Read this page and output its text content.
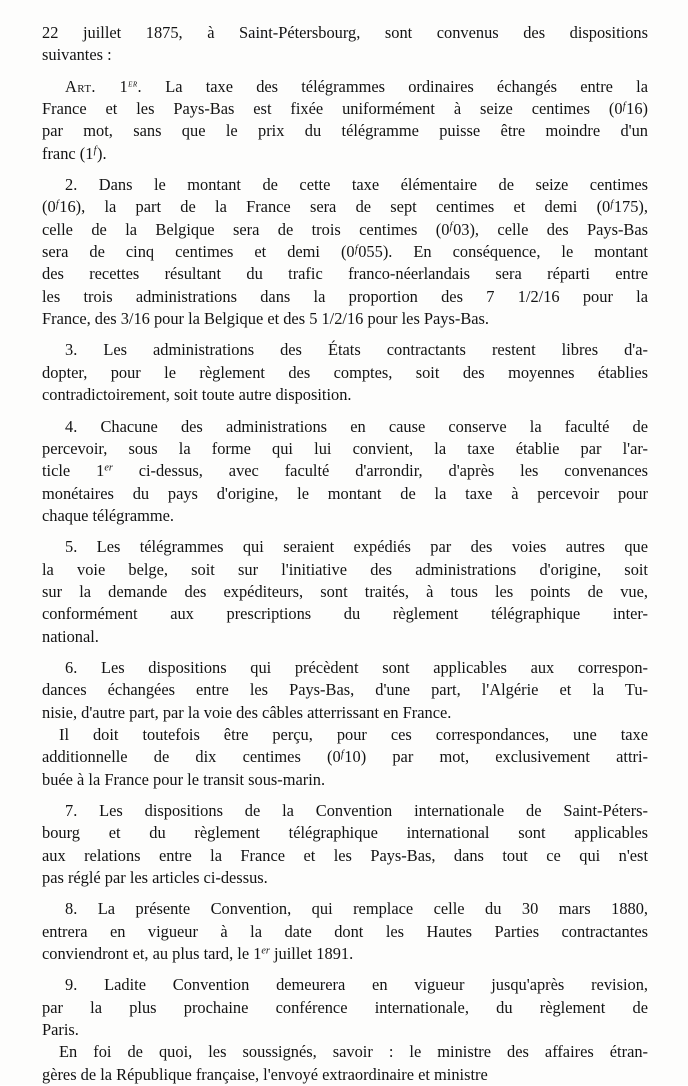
22 juillet 1875, à Saint-Pétersbourg, sont convenus des dispositions
suivantes :

Art. 1er. La taxe des télégrammes ordinaires échangés entre la
France et les Pays-Bas est fixée uniformément à seize centimes (0$^f$16)
par mot, sans que le prix du télégramme puisse être moindre d'un
franc (1$^f$).

2. Dans le montant de cette taxe élémentaire de seize centimes
(0$^f$16), la part de la France sera de sept centimes et demi (0$^f$175),
celle de la Belgique sera de trois centimes (0$^f$03), celle des Pays-Bas
sera de cinq centimes et demi (0$^f$055). En conséquence, le montant
des recettes résultant du trafic franco-néerlandais sera réparti entre
les trois administrations dans la proportion des 7 1/2/16 pour la
France, des 3/16 pour la Belgique et des 5 1/2/16 pour les Pays-Bas.

3. Les administrations des États contractants restent libres d'a-
dopter, pour le règlement des comptes, soit des moyennes établies
contradictoirement, soit toute autre disposition.

4. Chacune des administrations en cause conserve la faculté de
percevoir, sous la forme qui lui convient, la taxe établie par l'ar-
ticle 1er ci-dessus, avec faculté d'arrondir, d'après les convenances
monétaires du pays d'origine, le montant de la taxe à percevoir pour
chaque télégramme.

5. Les télégrammes qui seraient expédiés par des voies autres que
la voie belge, soit sur l'initiative des administrations d'origine, soit
sur la demande des expéditeurs, sont traités, à tous les points de vue,
conformément aux prescriptions du règlement télégraphique inter-
national.

6. Les dispositions qui précèdent sont applicables aux correspon-
dances échangées entre les Pays-Bas, d'une part, l'Algérie et la Tu-
nisie, d'autre part, par la voie des câbles atterrissant en France.

Il doit toutefois être perçu, pour ces correspondances, une taxe
additionnelle de dix centimes (0$^f$10) par mot, exclusivement attri-
buée à la France pour le transit sous-marin.

7. Les dispositions de la Convention internationale de Saint-Péters-
bourg et du règlement télégraphique international sont applicables
aux relations entre la France et les Pays-Bas, dans tout ce qui n'est
pas réglé par les articles ci-dessus.

8. La présente Convention, qui remplace celle du 30 mars 1880,
entrera en vigueur à la date dont les Hautes Parties contractantes
conviendront et, au plus tard, le 1er juillet 1891.

9. Ladite Convention demeurera en vigueur jusqu'après revision,
par la plus prochaine conférence internationale, du règlement de
Paris.

En foi de quoi, les soussignés, savoir : le ministre des affaires étran-
gères de la République française, l'envoyé extraordinaire et ministre
